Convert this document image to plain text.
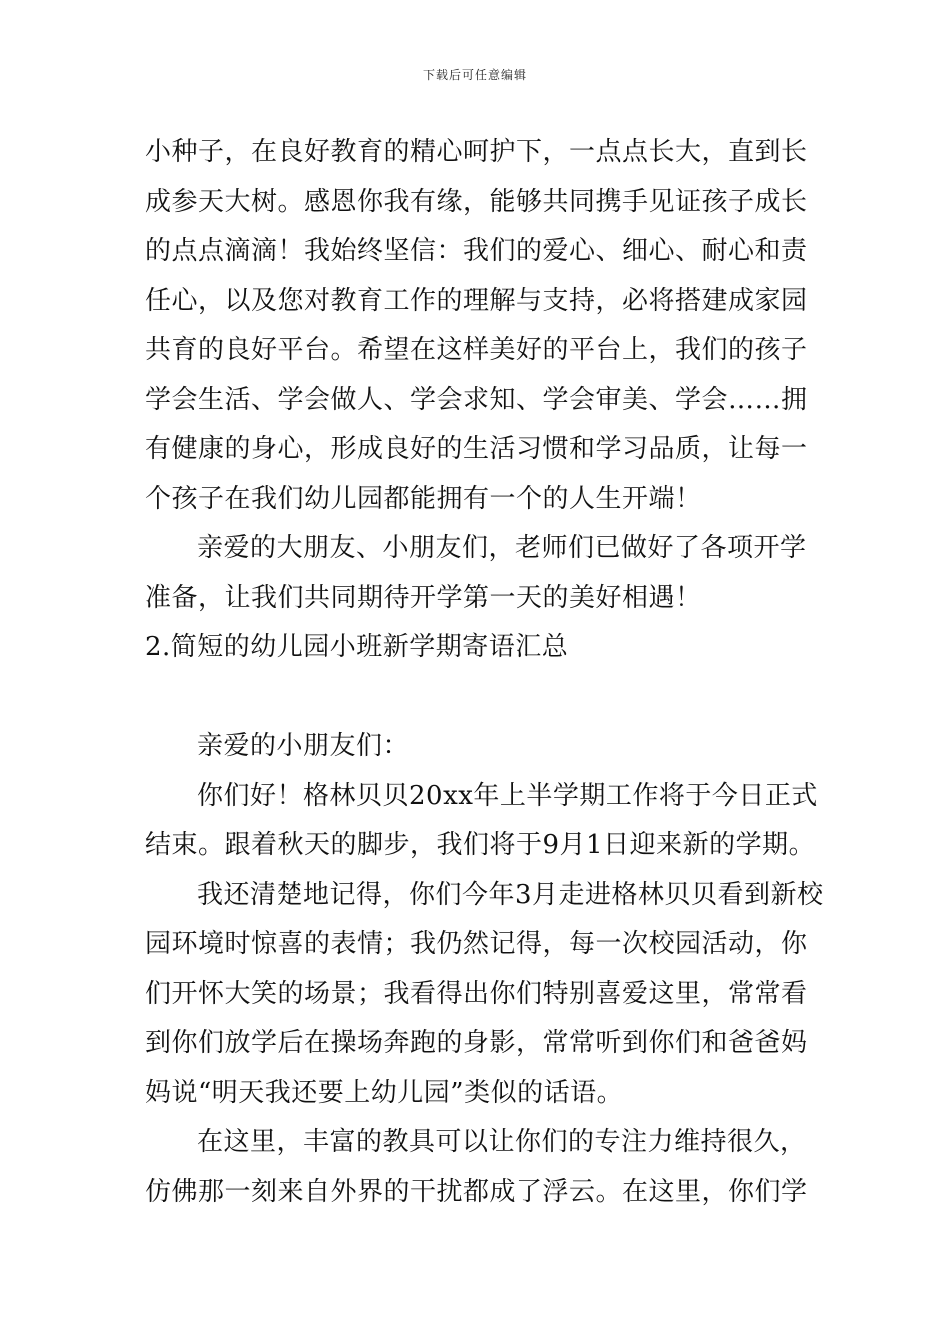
下载后可任意编辑
小种子，在良好教育的精心呵护下，一点点长大，直到长
成参天大树。感恩你我有缘，能够共同携手见证孩子成长
的点点滴滴！我始终坚信：我们的爱心、细心、耐心和责
任心，以及您对教育工作的理解与支持，必将搭建成家园
共育的良好平台。希望在这样美好的平台上，我们的孩子
学会生活、学会做人、学会求知、学会审美、学会……拥
有健康的身心，形成良好的生活习惯和学习品质，让每一
个孩子在我们幼儿园都能拥有一个的人生开端！
亲爱的大朋友、小朋友们，老师们已做好了各项开学
准备，让我们共同期待开学第一天的美好相遇！
2.简短的幼儿园小班新学期寄语汇总
亲爱的小朋友们：
你们好！格林贝贝20xx年上半学期工作将于今日正式
结束。跟着秋天的脚步，我们将于9月1日迎来新的学期。
我还清楚地记得，你们今年3月走进格林贝贝看到新校
园环境时惊喜的表情；我仍然记得，每一次校园活动，你
们开怀大笑的场景；我看得出你们特别喜爱这里，常常看
到你们放学后在操场奔跑的身影，常常听到你们和爸爸妈
妈说“明天我还要上幼儿园”类似的话语。
在这里，丰富的教具可以让你们的专注力维持很久，
仿佛那一刻来自外界的干扰都成了浮云。在这里，你们学
